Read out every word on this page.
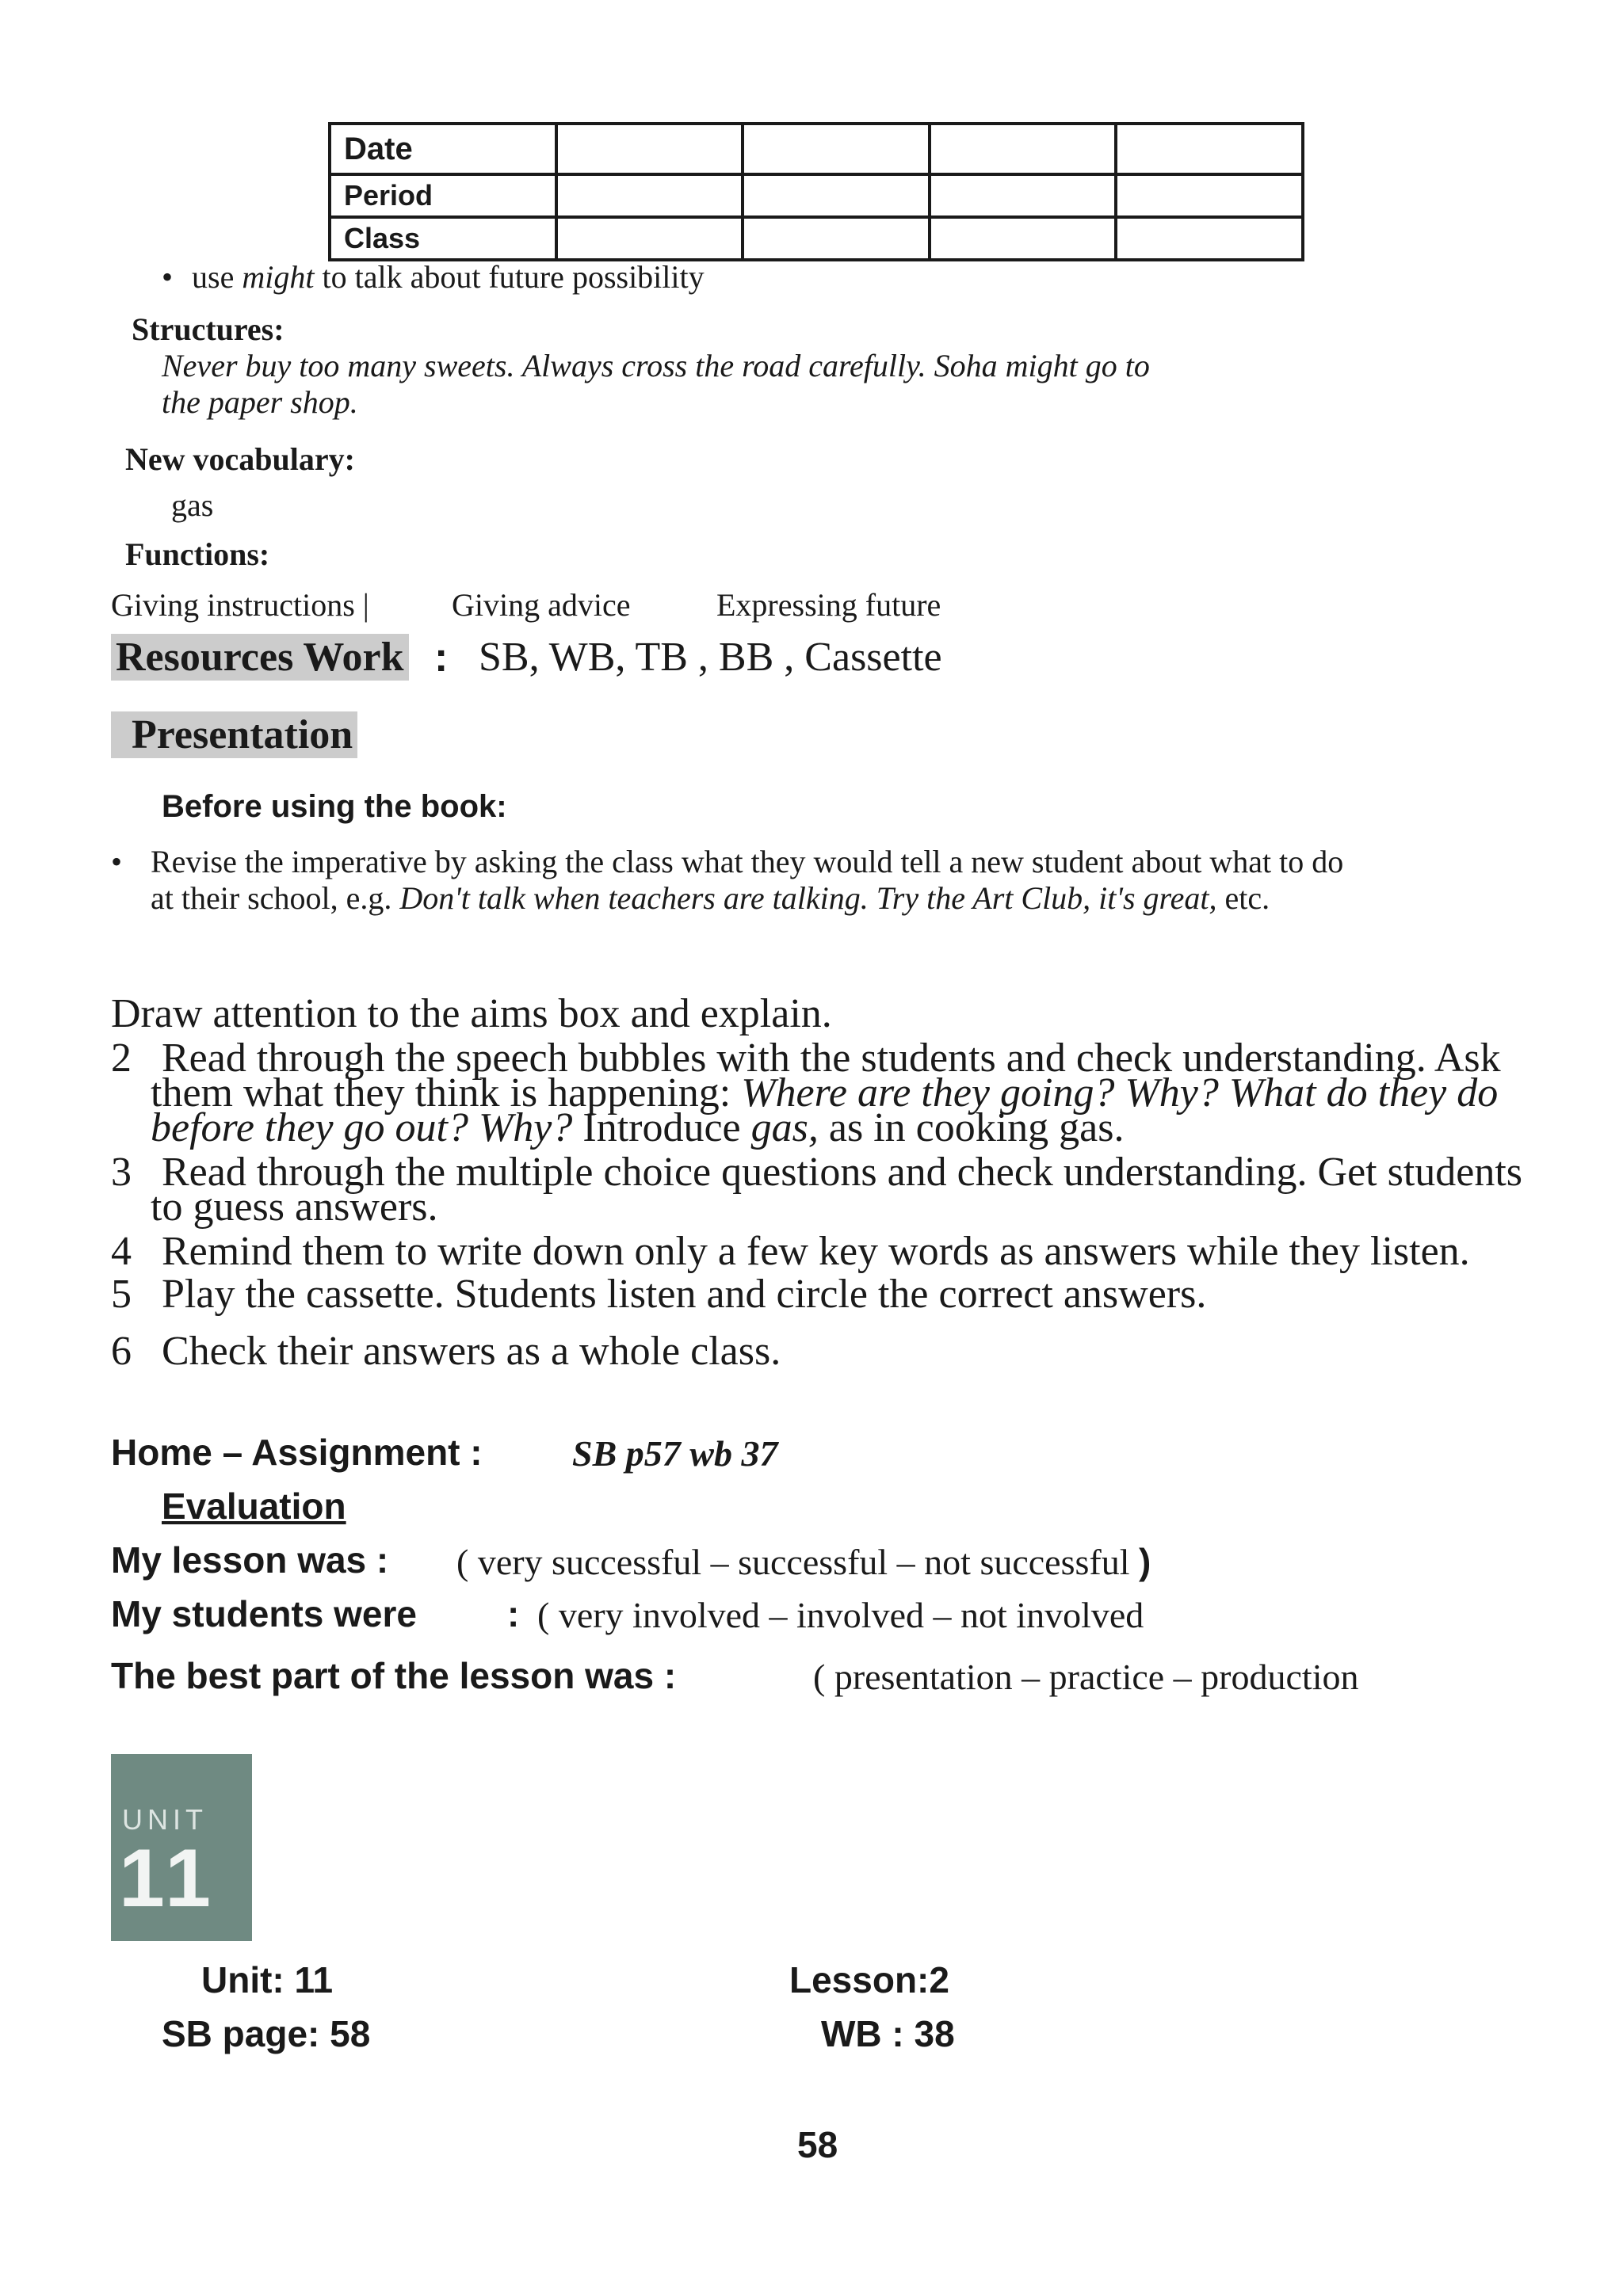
Date				
Period				
Class				
• use might to talk about future possibility
Structures:
Never buy too many sweets. Always cross the road carefully. Soha might go to
the paper shop.
New vocabulary:
gas
Functions:
Giving instructions |	Giving advice	Expressing future
Resources Work : SB, WB, TB , BB , Cassette
Presentation
Before using the book:
• Revise the imperative by asking the class what they would tell a new student about what to do
at their school, e.g. Don't talk when teachers are talking. Try the Art Club, it's great, etc.
Draw attention to the aims box and explain.
2 Read through the speech bubbles with the students and check understanding. Ask
them what they think is happening: Where are they going? Why? What do they do
before they go out? Why? Introduce gas, as in cooking gas.
3 Read through the multiple choice questions and check understanding. Get students
to guess answers.
4 Remind them to write down only a few key words as answers while they listen.
5 Play the cassette. Students listen and circle the correct answers.
6 Check their answers as a whole class.
Home – Assignment : SB p57 wb 37
Evaluation
My lesson was : ( very successful – successful – not successful )
My students were : ( very involved – involved – not involved
The best part of the lesson was :	( presentation – practice – production
UNIT
11
Unit: 11	Lesson:2
SB page: 58	WB : 38
58
